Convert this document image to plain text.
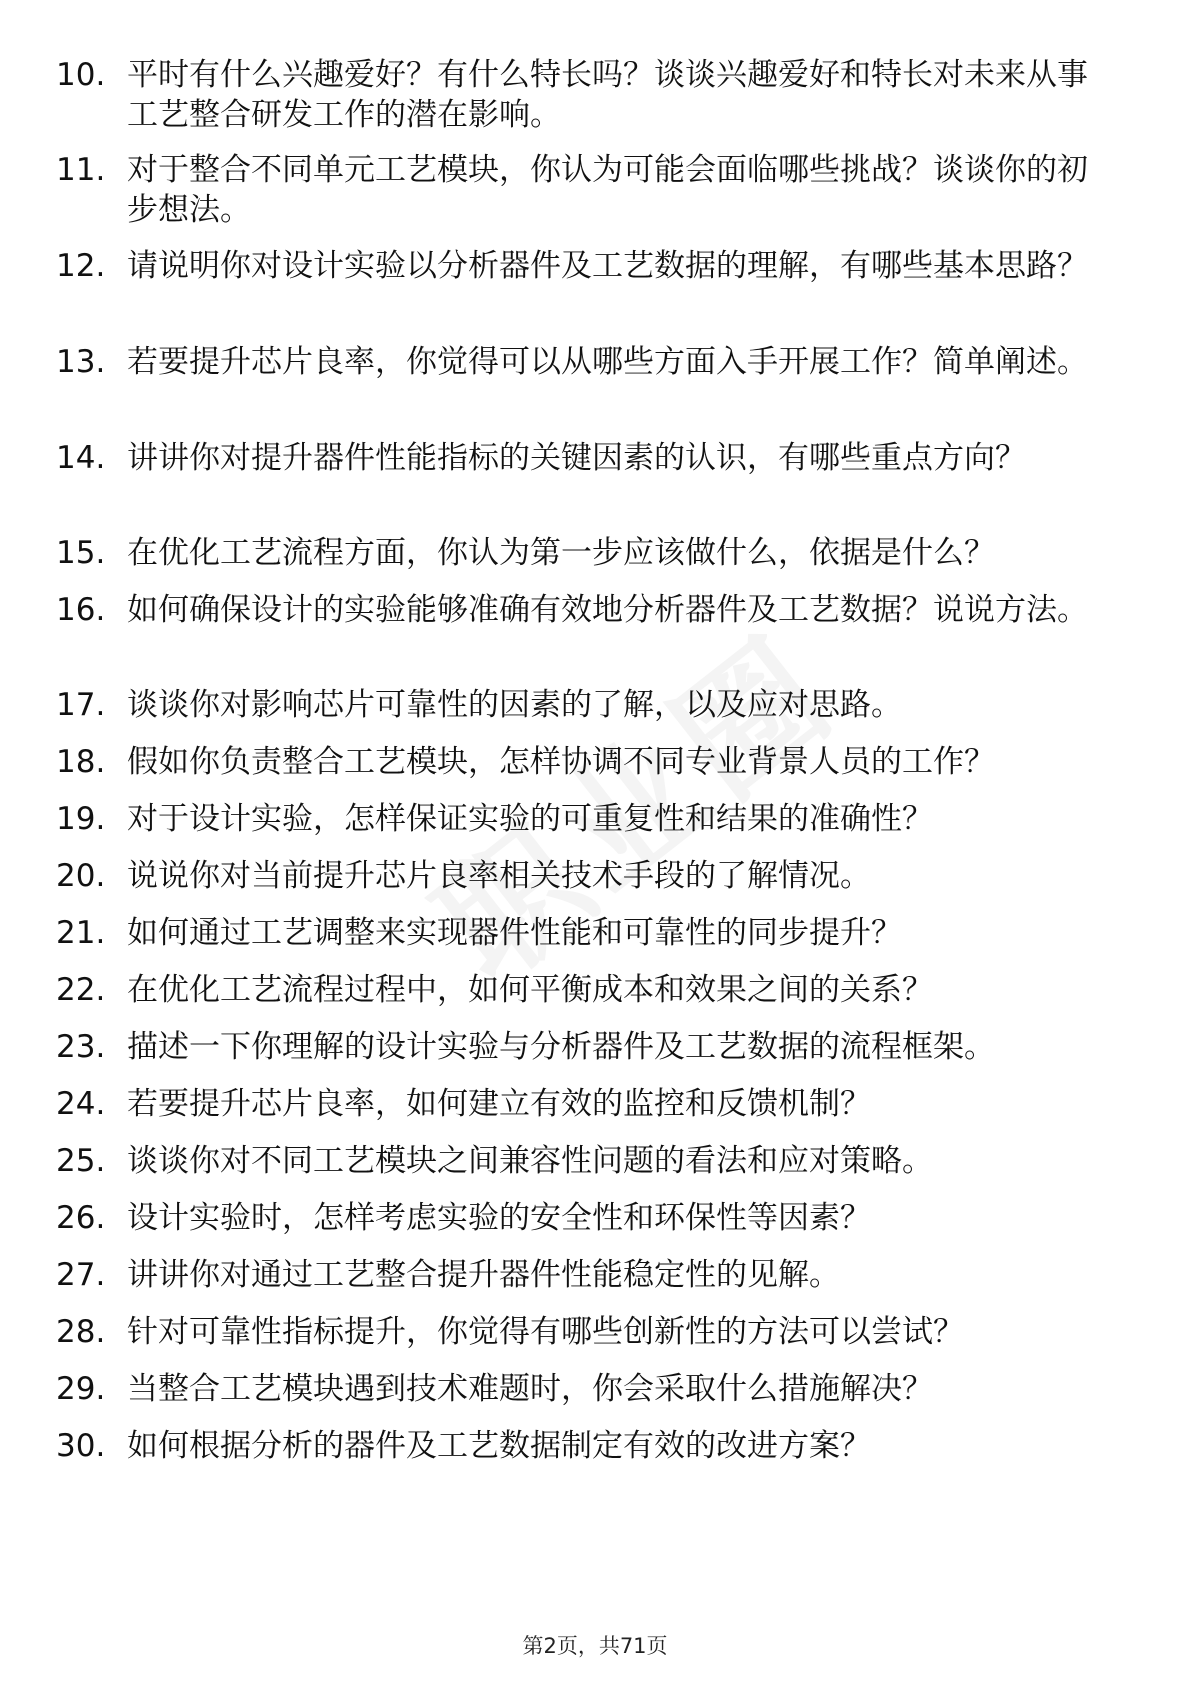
10. 平时有什么兴趣爱好？有什么特长吗？谈谈兴趣爱好和特长对未来从事工艺整合研发工作的潜在影响。
11. 对于整合不同单元工艺模块，你认为可能会面临哪些挑战？谈谈你的初步想法。
12. 请说明你对设计实验以分析器件及工艺数据的理解，有哪些基本思路？
13. 若要提升芯片良率，你觉得可以从哪些方面入手开展工作？简单阐述。
14. 讲讲你对提升器件性能指标的关键因素的认识，有哪些重点方向？
15. 在优化工艺流程方面，你认为第一步应该做什么，依据是什么？
16. 如何确保设计的实验能够准确有效地分析器件及工艺数据？说说方法。
17. 谈谈你对影响芯片可靠性的因素的了解，以及应对思路。
18. 假如你负责整合工艺模块，怎样协调不同专业背景人员的工作？
19. 对于设计实验，怎样保证实验的可重复性和结果的准确性？
20. 说说你对当前提升芯片良率相关技术手段的了解情况。
21. 如何通过工艺调整来实现器件性能和可靠性的同步提升？
22. 在优化工艺流程过程中，如何平衡成本和效果之间的关系？
23. 描述一下你理解的设计实验与分析器件及工艺数据的流程框架。
24. 若要提升芯片良率，如何建立有效的监控和反馈机制？
25. 谈谈你对不同工艺模块之间兼容性问题的看法和应对策略。
26. 设计实验时，怎样考虑实验的安全性和环保性等因素？
27. 讲讲你对通过工艺整合提升器件性能稳定性的见解。
28. 针对可靠性指标提升，你觉得有哪些创新性的方法可以尝试？
29. 当整合工艺模块遇到技术难题时，你会采取什么措施解决？
30. 如何根据分析的器件及工艺数据制定有效的改进方案？
第2页，共71页
